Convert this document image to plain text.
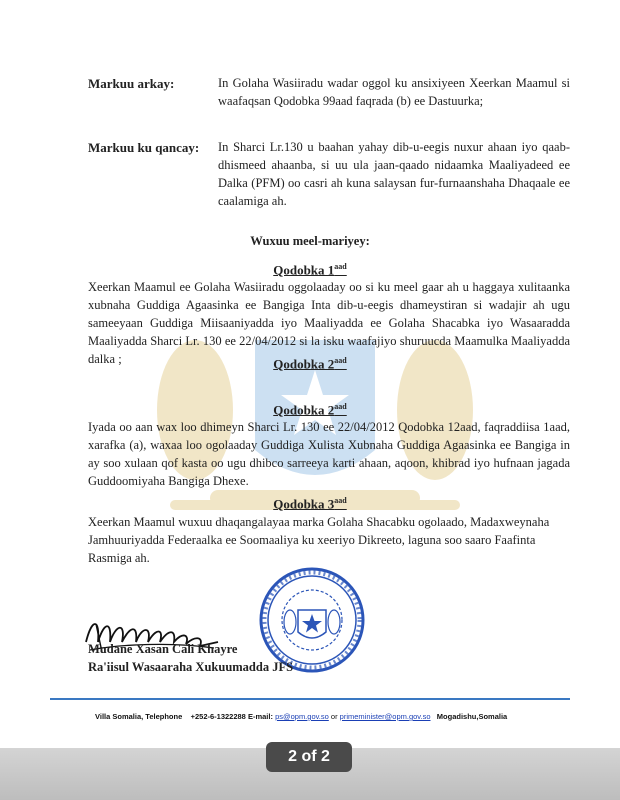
Markuu arkay:	In Golaha Wasiiradu wadar oggol ku ansixiyeen Xeerkan Maamul si waafaqsan Qodobka 99aad faqrada (b) ee Dastuurka;

Markuu ku qancay: In Sharci Lr.130 u baahan yahay dib-u-eegis nuxur ahaan iyo qaab-dhismeed ahaanba, si uu ula jaan-qaado nidaamka Maaliyadeed ee Dalka (PFM) oo casri ah kuna salaysan fur-furnaanshaha Dhaqaale ee caalamiga ah.

Wuxuu meel-mariyey:
Qodobka $1^{aad}$

Xeerkan Maamul ee Golaha Wasiiradu oggolaaday oo si ku meel gaar ah u haggaya xulitaanka xubnaha Guddiga Agaasinka ee Bangiga Inta dib-u-eegis dhameystiran si wadajir ah ugu sameeyaan Guddiga Miisaaniyadda iyo Maaliyadda ee Golaha Shacabka iyo Wasaaradda Maaliyadda Sharci Lr. 130 ee 22/04/2012 si la isku waafajiyo shuruucda Maamulka Maaliyadda dalka ;	Qodobka $2^{aad}$
Qodobka $2^{aad}$

Iyada oo aan wax loo dhimeyn Sharci Lr. 130 ee 22/04/2012 Qodobka 12aad, faqraddiisa 1aad, xarafka (a), waxaa loo ogolaaday Guddiga Xulista Xubnaha Guddiga Agaasinka ee Bangiga in ay soo xulaan qof kasta oo ugu dhibco sarreeya karti ahaan, aqoon, khibrad iyo hufnaan jagada Guddoomiyaha Bangiga Dhexe.

Qodobka $3^{aad}$

Xeerkan Maamul wuxuu dhaqangalayaa marka Golaha Shacabku ogolaado, Madaxweynaha Jamhuuriyadda Federaalka ee Soomaaliya ku xeeriyo Dikreeto, laguna soo saaro Faafinta Rasmiga ah.

Mudane Xasan Cali Khayre
Ra'iisul Wasaaraha Xukuumadda JFS
Villa Somalia, Telephone +252-6-1322288 E-mail: ps@opm.gov.so or primeminister@opm.gov.so Mogadishu,Somalia
2 of 2
